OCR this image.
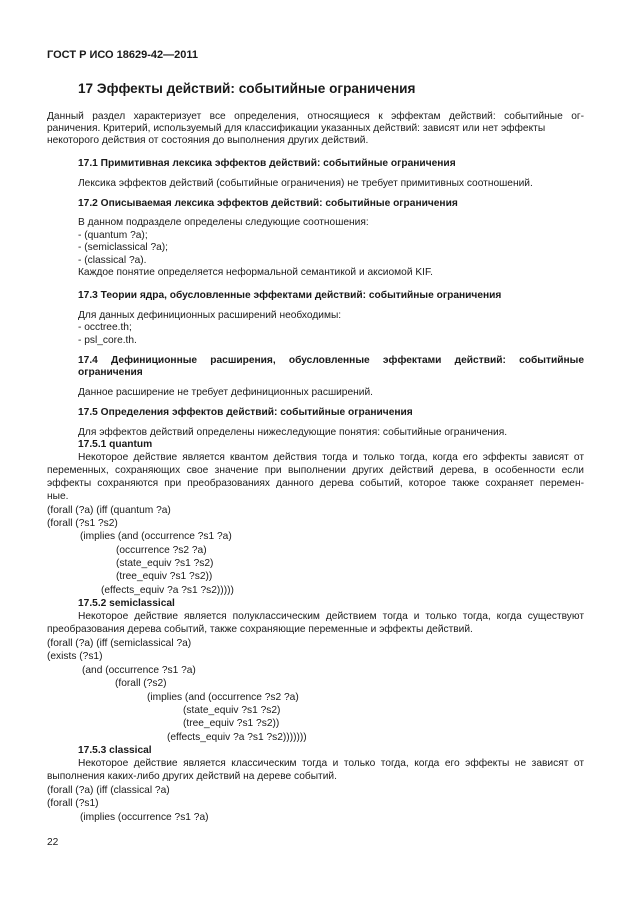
ГОСТ Р ИСО 18629-42—2011
17 Эффекты действий: событийные ограничения
Данный раздел характеризует все определения, относящиеся к эффектам действий: событийные ог-
раничения. Критерий, используемый для классификации указанных действий: зависят или нет эффекты
некоторого действия от состояния до выполнения других действий.
17.1 Примитивная лексика эффектов действий: событийные ограничения
Лексика эффектов действий (событийные ограничения) не требует примитивных соотношений.
17.2 Описываемая лексика эффектов действий: событийные ограничения
В данном подразделе определены следующие соотношения:
- (quantum ?a);
- (semiclassical ?a);
- (classical ?a).
Каждое понятие определяется неформальной семантикой и аксиомой KIF.
17.3 Теории ядра, обусловленные эффектами действий: событийные ограничения
Для данных дефиниционных расширений необходимы:
- occtree.th;
- psl_core.th.
17.4 Дефиниционные расширения, обусловленные эффектами действий: событийные
ограничения
Данное расширение не требует дефиниционных расширений.
17.5 Определения эффектов действий: событийные ограничения
Для эффектов действий определены нижеследующие понятия: событийные ограничения.
17.5.1 quantum
Некоторое действие является квантом действия тогда и только тогда, когда его эффекты зависят от
переменных, сохраняющих свое значение при выполнении других действий дерева, в особенности если
эффекты сохраняются при преобразованиях данного дерева событий, которое также сохраняет перемен-
ные.
(forall (?a) (iff (quantum ?a)
(forall (?s1 ?s2)
(implies (and (occurrence ?s1 ?a)
(occurrence ?s2 ?a)
(state_equiv ?s1 ?s2)
(tree_equiv ?s1 ?s2))
(effects_equiv ?a ?s1 ?s2)))))
17.5.2 semiclassical
Некоторое действие является полуклассическим действием тогда и только тогда, когда существуют
преобразования дерева событий, также сохраняющие переменные и эффекты действий.
(forall (?a) (iff (semiclassical ?a)
(exists (?s1)
(and (occurrence ?s1 ?a)
(forall (?s2)
(implies (and (occurrence ?s2 ?a)
(state_equiv ?s1 ?s2)
(tree_equiv ?s1 ?s2))
(effects_equiv ?a ?s1 ?s2)))))))
17.5.3 classical
Некоторое действие является классическим тогда и только тогда, когда его эффекты не зависят от
выполнения каких-либо других действий на дереве событий.
(forall (?a) (iff (classical ?a)
(forall (?s1)
(implies (occurrence ?s1 ?a)
22
